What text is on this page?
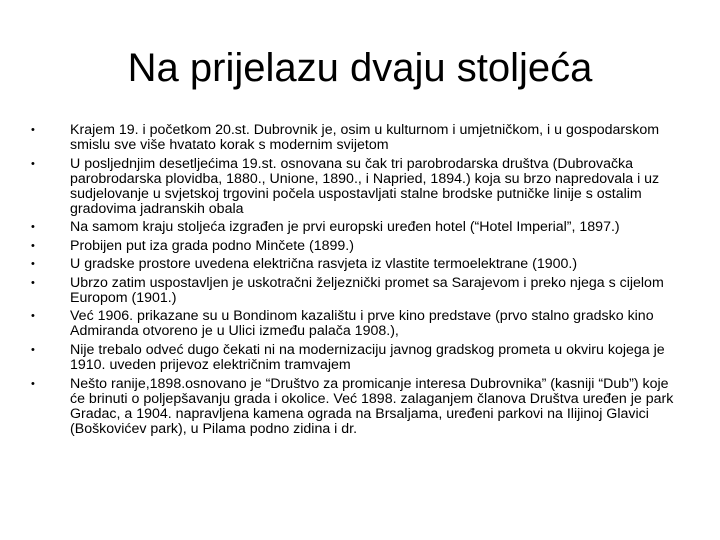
Na prijelazu dvaju stoljeća
• Krajem 19. i početkom 20.st. Dubrovnik je, osim u kulturnom i umjetničkom, i u gospodarskom smislu sve više hvatato korak s modernim svijetom
• U posljednjim desetljećima 19.st. osnovana su čak tri parobrodarska društva (Dubrovačka parobrodarska plovidba, 1880., Unione, 1890., i Napried, 1894.) koja su brzo napredovala i uz sudjelovanje u svjetskoj trgovini počela uspostavljati stalne brodske putničke linije s ostalim gradovima jadranskih obala
• Na samom kraju stoljeća izgrađen je prvi europski uređen hotel (“Hotel Imperial”, 1897.)
• Probijen put iza grada podno Minčete (1899.)
• U gradske prostore uvedena električna rasvjeta iz vlastite termoelektrane (1900.)
• Ubrzo zatim uspostavljen je uskotračni željeznički promet sa Sarajevom i preko njega s cijelom Europom (1901.)
• Već 1906. prikazane su u Bondinom kazalištu i prve kino predstave (prvo stalno gradsko kino Admiranda otvoreno je u Ulici između palača 1908.),
• Nije trebalo odveć dugo čekati ni na modernizaciju javnog gradskog prometa u okviru kojega je 1910. uveden prijevoz električnim tramvajem
• Nešto ranije,1898.osnovano je “Društvo za promicanje interesa Dubrovnika” (kasniji “Dub”) koje će brinuti o poljepšavanju grada i okolice. Već 1898. zalaganjem članova Društva uređen je park Gradac, a 1904. napravljena kamena ograda na Brsaljama, uređeni parkovi na Ilijinoj Glavici (Boškovićev park), u Pilama podno zidina i dr.
